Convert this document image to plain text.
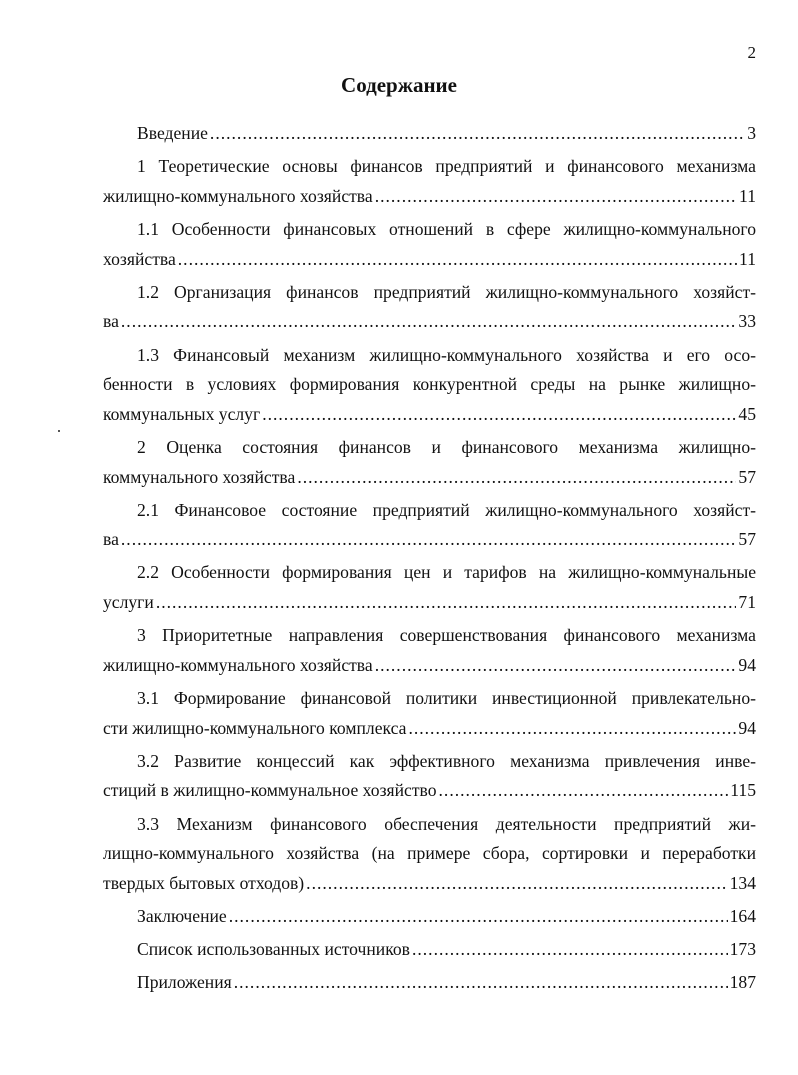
2
Содержание
Введение .....	3
1 Теоретические основы финансов предприятий и финансового механизма
жилищно-коммунального хозяйства .....	11
1.1 Особенности финансовых отношений в сфере жилищно-коммунального
хозяйства .....	11
1.2 Организация финансов предприятий жилищно-коммунального хозяйст-
ва .....	33
1.3 Финансовый механизм жилищно-коммунального хозяйства и его осо-
бенности в условиях формирования конкурентной среды на рынке жилищно-
коммунальных услуг .....	45
2 Оценка состояния финансов и финансового механизма жилищно-
коммунального хозяйства .....	57
2.1 Финансовое состояние предприятий жилищно-коммунального хозяйст-
ва .....	57
2.2 Особенности формирования цен и тарифов на жилищно-коммунальные
услуги .....	71
3 Приоритетные направления совершенствования финансового механизма
жилищно-коммунального хозяйства .....	94
3.1 Формирование финансовой политики инвестиционной привлекательно-
сти жилищно-коммунального комплекса .....	94
3.2 Развитие концессий как эффективного механизма привлечения инве-
стиций в жилищно-коммунальное хозяйство .....	115
3.3 Механизм финансового обеспечения деятельности предприятий жи-
лищно-коммунального хозяйства (на примере сбора, сортировки и переработки
твердых бытовых отходов) .....	134
Заключение .....	164
Список использованных источников .....	173
Приложения .....	187
